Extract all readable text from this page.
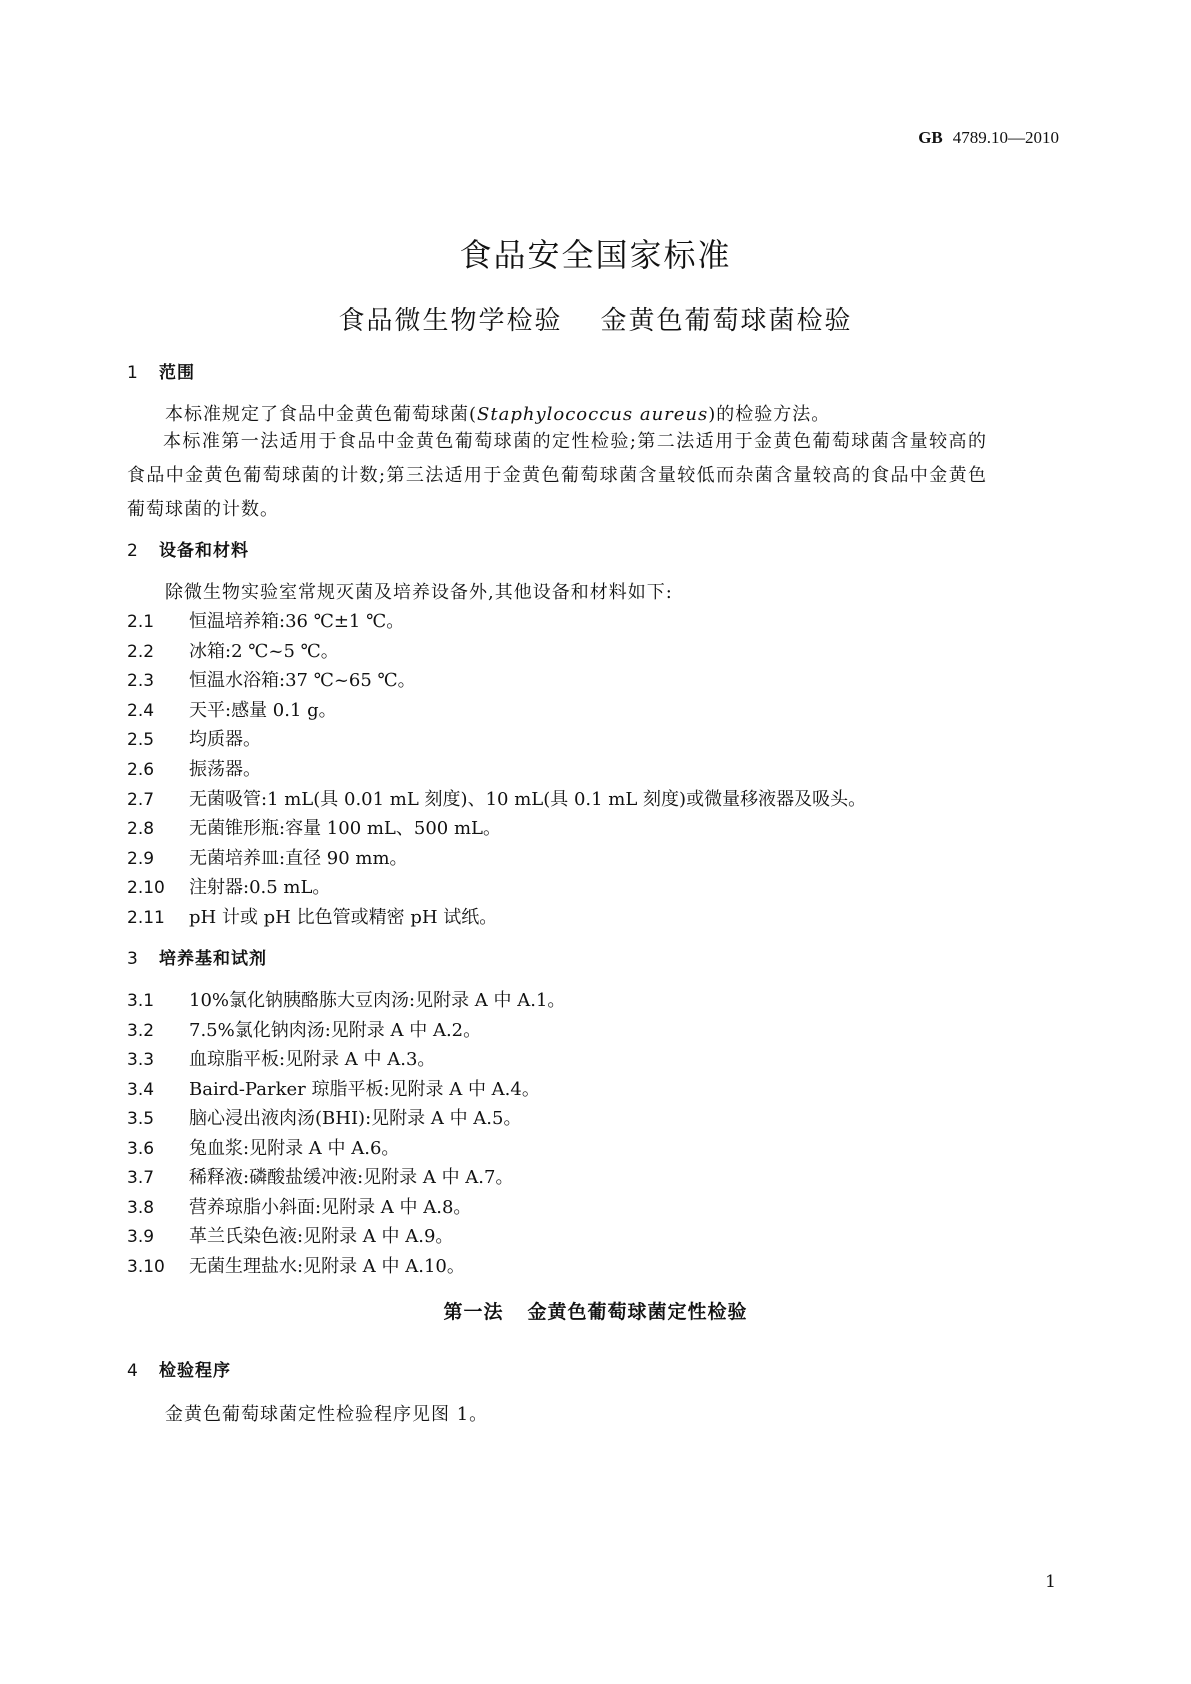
GB 4789.10—2010
食品安全国家标准
食品微生物学检验 金黄色葡萄球菌检验
1 范围
本标准规定了食品中金黄色葡萄球菌(Staphylococcus aureus)的检验方法。
本标准第一法适用于食品中金黄色葡萄球菌的定性检验;第二法适用于金黄色葡萄球菌含量较高的食品中金黄色葡萄球菌的计数;第三法适用于金黄色葡萄球菌含量较低而杂菌含量较高的食品中金黄色葡萄球菌的计数。
2 设备和材料
除微生物实验室常规灭菌及培养设备外,其他设备和材料如下:
2.1 恒温培养箱:36 ℃±1 ℃。
2.2 冰箱:2 ℃~5 ℃。
2.3 恒温水浴箱:37 ℃~65 ℃。
2.4 天平:感量 0.1 g。
2.5 均质器。
2.6 振荡器。
2.7 无菌吸管:1 mL(具 0.01 mL 刻度)、10 mL(具 0.1 mL 刻度)或微量移液器及吸头。
2.8 无菌锥形瓶:容量 100 mL、500 mL。
2.9 无菌培养皿:直径 90 mm。
2.10 注射器:0.5 mL。
2.11 pH 计或 pH 比色管或精密 pH 试纸。
3 培养基和试剂
3.1 10%氯化钠胰酪胨大豆肉汤:见附录 A 中 A.1。
3.2 7.5%氯化钠肉汤:见附录 A 中 A.2。
3.3 血琼脂平板:见附录 A 中 A.3。
3.4 Baird-Parker 琼脂平板:见附录 A 中 A.4。
3.5 脑心浸出液肉汤(BHI):见附录 A 中 A.5。
3.6 兔血浆:见附录 A 中 A.6。
3.7 稀释液:磷酸盐缓冲液:见附录 A 中 A.7。
3.8 营养琼脂小斜面:见附录 A 中 A.8。
3.9 革兰氏染色液:见附录 A 中 A.9。
3.10 无菌生理盐水:见附录 A 中 A.10。
第一法 金黄色葡萄球菌定性检验
4 检验程序
金黄色葡萄球菌定性检验程序见图 1。
1
